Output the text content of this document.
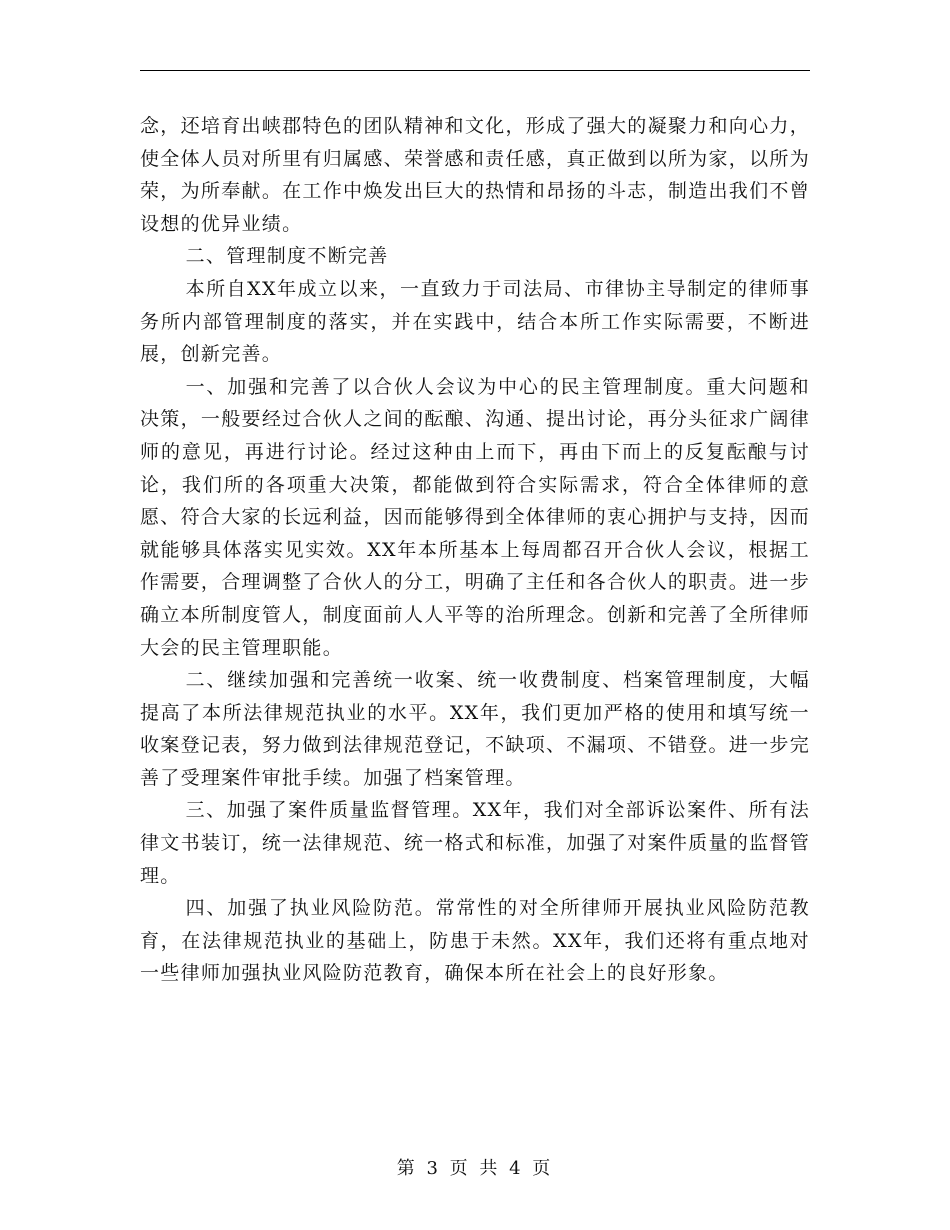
念，还培育出峡郡特色的团队精神和文化，形成了强大的凝聚力和向心力，使全体人员对所里有归属感、荣誉感和责任感，真正做到以所为家，以所为荣，为所奉献。在工作中焕发出巨大的热情和昂扬的斗志，制造出我们不曾设想的优异业绩。

二、管理制度不断完善

本所自XX年成立以来，一直致力于司法局、市律协主导制定的律师事务所内部管理制度的落实，并在实践中，结合本所工作实际需要，不断进展，创新完善。

一、加强和完善了以合伙人会议为中心的民主管理制度。重大问题和决策，一般要经过合伙人之间的酝酿、沟通、提出讨论，再分头征求广阔律师的意见，再进行讨论。经过这种由上而下，再由下而上的反复酝酿与讨论，我们所的各项重大决策，都能做到符合实际需求，符合全体律师的意愿、符合大家的长远利益，因而能够得到全体律师的衷心拥护与支持，因而就能够具体落实见实效。XX年本所基本上每周都召开合伙人会议，根据工作需要，合理调整了合伙人的分工，明确了主任和各合伙人的职责。进一步确立本所制度管人，制度面前人人平等的治所理念。创新和完善了全所律师大会的民主管理职能。

二、继续加强和完善统一收案、统一收费制度、档案管理制度，大幅提高了本所法律规范执业的水平。XX年，我们更加严格的使用和填写统一收案登记表，努力做到法律规范登记，不缺项、不漏项、不错登。进一步完善了受理案件审批手续。加强了档案管理。

三、加强了案件质量监督管理。XX年，我们对全部诉讼案件、所有法律文书装订，统一法律规范、统一格式和标准，加强了对案件质量的监督管理。

四、加强了执业风险防范。常常性的对全所律师开展执业风险防范教育，在法律规范执业的基础上，防患于未然。XX年，我们还将有重点地对一些律师加强执业风险防范教育，确保本所在社会上的良好形象。

第 3 页 共 4 页
